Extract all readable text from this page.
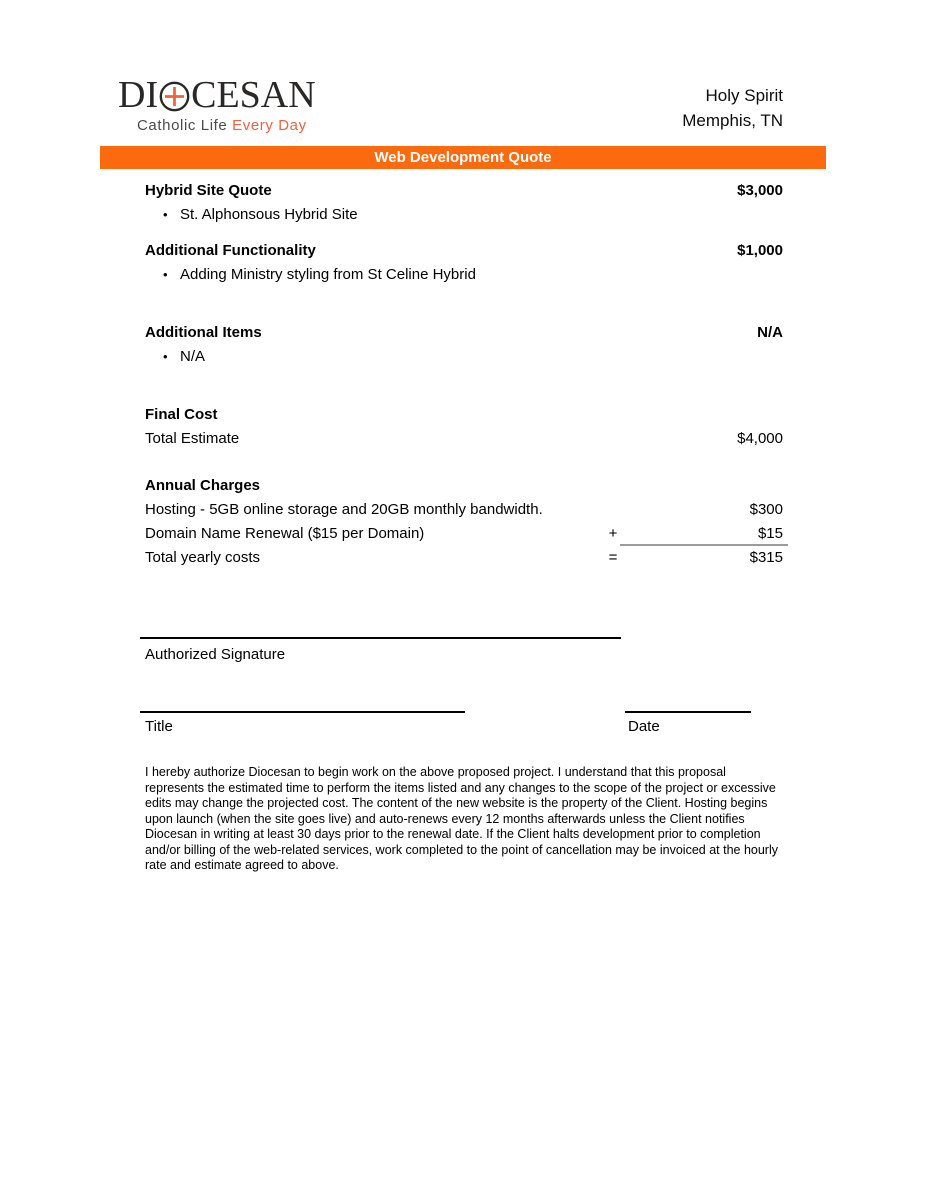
DI CESAN
Catholic Life Every Day
Holy Spirit
Memphis, TN
Web Development Quote
Hybrid Site Quote	$3,000
• St. Alphonsous Hybrid Site
Additional Functionality	$1,000
• Adding Ministry styling from St Celine Hybrid
Additional Items	N/A
• N/A
Final Cost
Total Estimate	$4,000
Annual Charges
Hosting - 5GB online storage and 20GB monthly bandwidth.	$300
Domain Name Renewal ($15 per Domain)	+	$15
Total yearly costs	=	$315
Authorized Signature
Title	Date
I hereby authorize Diocesan to begin work on the above proposed project. I understand that this proposal represents the estimated time to perform the items listed and any changes to the scope of the project or excessive edits may change the projected cost. The content of the new website is the property of the Client. Hosting begins upon launch (when the site goes live) and auto-renews every 12 months afterwards unless the Client notifies Diocesan in writing at least 30 days prior to the renewal date. If the Client halts development prior to completion and/or billing of the web-related services, work completed to the point of cancellation may be invoiced at the hourly rate and estimate agreed to above.
